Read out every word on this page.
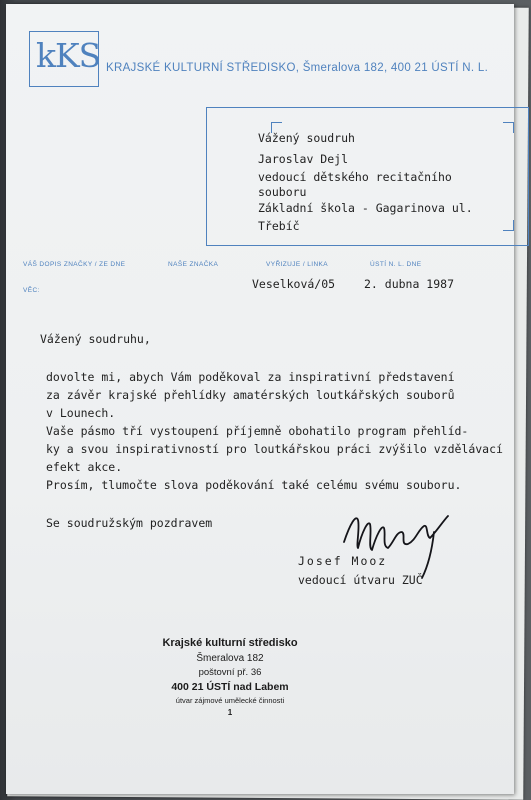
kKS KRAJSKÉ KULTURNÍ STŘEDISKO, Šmeralova 182, 400 21 ÚSTÍ N. L.
Vážený soudruh
Jaroslav Dejl
vedoucí dětského recitačního
souboru
Základní škola - Gagarinova ul.
Třebíč
VÁŠ DOPIS ZNAČKY / ZE DNE	NAŠE ZNAČKA	VYŘIZUJE / LINKA	ÚSTÍ N. L. DNE
VĚC:	Veselková/05	2. dubna 1987
Vážený soudruhu,
dovolte mi, abych Vám poděkoval za inspirativní představení
za závěr krajské přehlídky amatérských loutkářských souborů
v Lounech.
Vaše pásmo tří vystoupení příjemně obohatilo program přehlíd-
ky a svou inspirativností pro loutkářskou práci zvýšilo vzdělávací
efekt akce.
Prosím, tlumočte slova poděkování také celému svému souboru.
Se soudružským pozdravem
Josef Mooz
vedoucí útvaru ZUČ
Krajské kulturní středisko
Šmeralova 182
poštovní př. 36
400 21 ÚSTÍ nad Labem
útvar zájmové umělecké činnosti
1
